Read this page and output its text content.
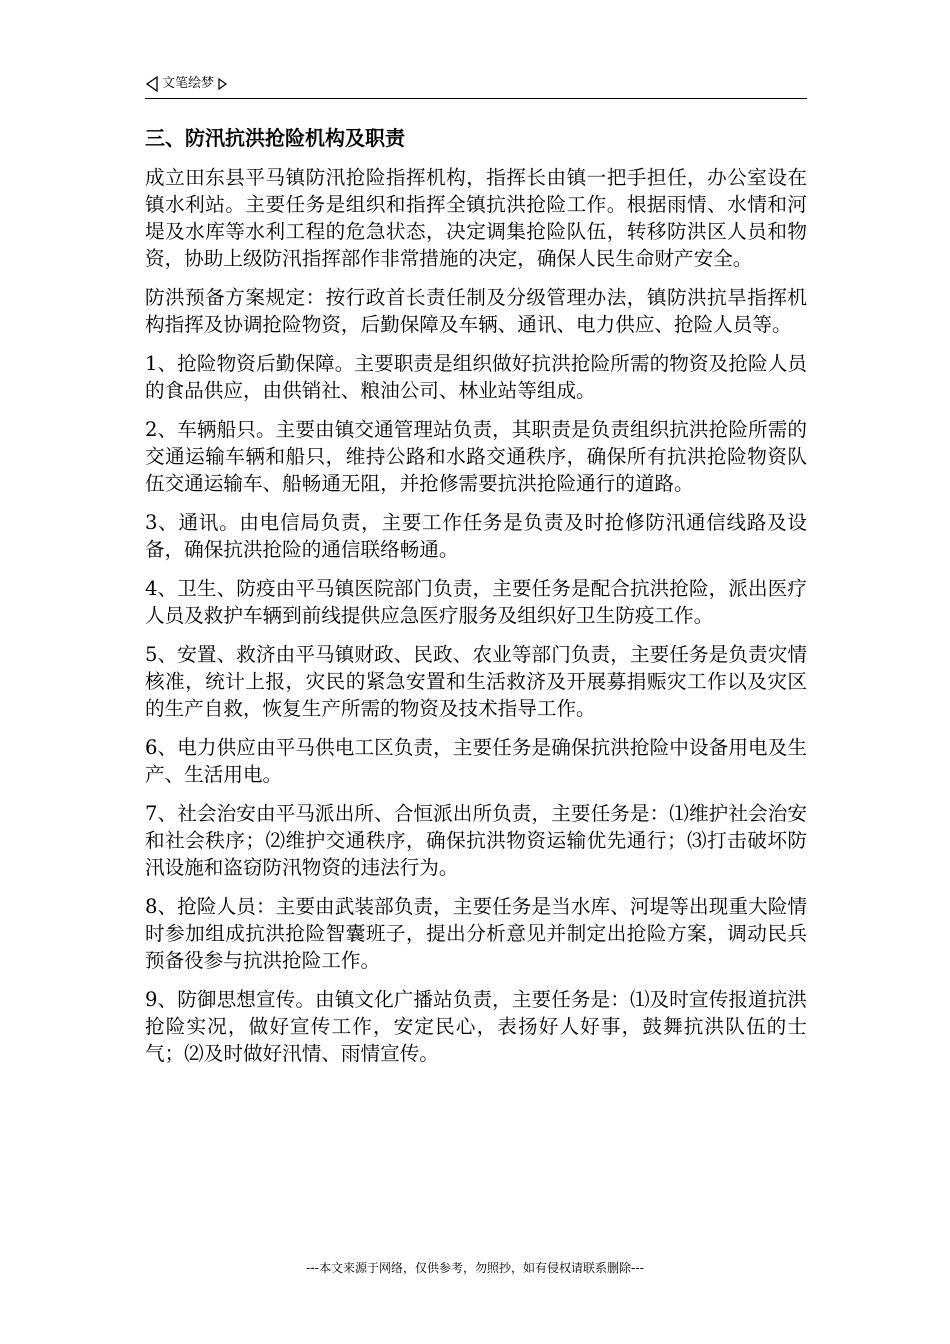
文笔绘梦
三、防汛抗洪抢险机构及职责

成立田东县平马镇防汛抢险指挥机构，指挥长由镇一把手担任，办公室设在镇水利站。主要任务是组织和指挥全镇抗洪抢险工作。根据雨情、水情和河堤及水库等水利工程的危急状态，决定调集抢险队伍，转移防洪区人员和物资，协助上级防汛指挥部作非常措施的决定，确保人民生命财产安全。

防洪预备方案规定：按行政首长责任制及分级管理办法，镇防洪抗旱指挥机构指挥及协调抢险物资，后勤保障及车辆、通讯、电力供应、抢险人员等。

1、抢险物资后勤保障。主要职责是组织做好抗洪抢险所需的物资及抢险人员的食品供应，由供销社、粮油公司、林业站等组成。

2、车辆船只。主要由镇交通管理站负责，其职责是负责组织抗洪抢险所需的交通运输车辆和船只，维持公路和水路交通秩序，确保所有抗洪抢险物资队伍交通运输车、船畅通无阻，并抢修需要抗洪抢险通行的道路。

3、通讯。由电信局负责，主要工作任务是负责及时抢修防汛通信线路及设备，确保抗洪抢险的通信联络畅通。

4、卫生、防疫由平马镇医院部门负责，主要任务是配合抗洪抢险，派出医疗人员及救护车辆到前线提供应急医疗服务及组织好卫生防疫工作。

5、安置、救济由平马镇财政、民政、农业等部门负责，主要任务是负责灾情核准，统计上报，灾民的紧急安置和生活救济及开展募捐赈灾工作以及灾区的生产自救，恢复生产所需的物资及技术指导工作。

6、电力供应由平马供电工区负责，主要任务是确保抗洪抢险中设备用电及生产、生活用电。

7、社会治安由平马派出所、合恒派出所负责，主要任务是：⑴维护社会治安和社会秩序；⑵维护交通秩序，确保抗洪物资运输优先通行；⑶打击破坏防汛设施和盗窃防汛物资的违法行为。

8、抢险人员：主要由武装部负责，主要任务是当水库、河堤等出现重大险情时参加组成抗洪抢险智囊班子，提出分析意见并制定出抢险方案，调动民兵预备役参与抗洪抢险工作。

9、防御思想宣传。由镇文化广播站负责，主要任务是：⑴及时宣传报道抗洪抢险实况，做好宣传工作，安定民心，表扬好人好事，鼓舞抗洪队伍的士气；⑵及时做好汛情、雨情宣传。

---本文来源于网络，仅供参考，勿照抄，如有侵权请联系删除---
